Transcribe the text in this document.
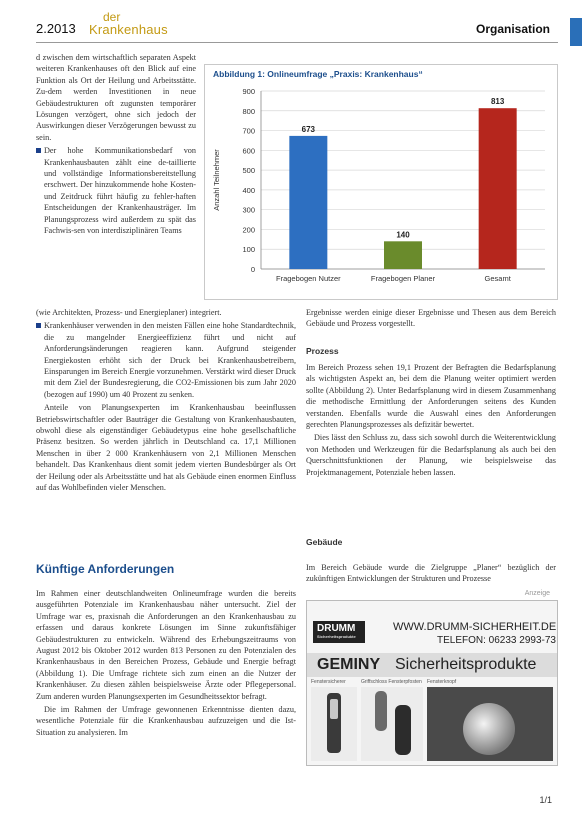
2.2013
der
Krankenhaus	Organisation

d zwischen dem wirtschaftlich separaten Aspekt weiteren Krankenhauses oft den Blick auf eine Funktion als Ort der Heilung und Arbeitsstätte. Zu-dem werden Investitionen in neue Gebäudestrukturen oft zugunsten temporärer Lösungen verzögert, ohne sich jedoch der Auswirkungen dieser Verzögerungen bewusst zu sein.

Der hohe Kommunikationsbedarf von Krankenhausbauten zählt eine de-taillierte und vollständige Informationsbereitstellung erschwert. Der hinzukommende hohe Kosten- und Zeitdruck führt häufig zu fehler-haften Entscheidungen der Krankenhausträger. Im Planungsprozess wird außerdem zu spät das Fachwis-sen von interdisziplinären Teams

Abbildung 1: Onlineumfrage „Praxis: Krankenhaus“
0
100
200
300
400
500
600
700
800
900
Anzahl Teilnehmer
673
Fragebogen Nutzer
140
Fragebogen Planer
813
Gesamt

(wie Architekten, Prozess- und Energieplaner) integriert.

Krankenhäuser verwenden in den meisten Fällen eine hohe Standardtechnik, die zu mangelnder Energieeffizienz führt und nicht auf Anforderungsänderungen reagieren kann. Aufgrund steigender Energiekosten erhöht sich der Druck bei Krankenhausbetreibern, Einsparungen im Bereich Energie vorzunehmen. Verstärkt wird dieser Druck mit dem Ziel der Bundesregierung, die CO2-Emissionen bis zum Jahr 2020 (bezogen auf 1990) um 40 Prozent zu senken.

Anteile von Planungsexperten im Krankenhausbau beeinflussen Betriebswirtschaftler oder Bauträger die Gestaltung von Krankenhausbauten, obwohl diese als eigenständiger Gebäudetypus eine hohe gesellschaftliche Präsenz besitzen. So werden jährlich in Deutschland ca. 17,1 Millionen Menschen in über 2 000 Krankenhäusern von 2,1 Millionen Menschen behandelt. Das Krankenhaus dient somit jedem vierten Bundesbürger als Ort der Heilung oder als Arbeitsstätte und hat als Gebäude einen enormen Einfluss auf das Wohlbefinden vieler Menschen.

Ergebnisse werden einige dieser Ergebnisse und Thesen aus dem Bereich Gebäude und Prozess vorgestellt.

Prozess

Im Bereich Prozess sehen 19,1 Prozent der Befragten die Bedarfsplanung als wichtigsten Aspekt an, bei dem die Planung weiter optimiert werden sollte (Abbildung 2). Unter Bedarfsplanung wird in diesem Zusammenhang die methodische Ermittlung der Anforderungen seitens des Kunden verstanden. Ebenfalls wurde die Auswahl eines den Anforderungen gerechten Planungsprozesses als defizitär bewertet.

Dies lässt den Schluss zu, dass sich sowohl durch die Weiterentwicklung von Methoden und Werkzeugen für die Bedarfsplanung als auch bei den Querschnittsfunktionen der Planung, wie beispielsweise das Projektmanagement, Potenziale heben lassen.

Gebäude

Im Bereich Gebäude wurde die Zielgruppe „Planer“ bezüglich der zukünftigen Entwicklungen der Strukturen und Prozesse

Künftige Anforderungen

Im Rahmen einer deutschlandweiten Onlineumfrage wurden die bereits ausgeführten Potenziale im Krankenhausbau näher untersucht. Ziel der Umfrage war es, praxisnah die Anforderungen an den Krankenhausbau zu erfassen und daraus konkrete Lösungen im Sinne zukunftsfähiger Gebäudestrukturen zu entwickeln. Während des Erhebungszeitraums von August 2012 bis Oktober 2012 wurden 813 Personen zu den Potenzialen des Krankenhausbaus in den Bereichen Prozess, Gebäude und Energie befragt (Abbildung 1). Die Umfrage richtete sich zum einen an die Nutzer der Krankenhäuser. Zu diesen zählen beispielsweise Ärzte oder Pflegepersonal. Zum anderen wurden Planungsexperten im Gesundheitssektor befragt.

Die im Rahmen der Umfrage gewonnenen Erkenntnisse dienten dazu, wesentliche Potenziale für die Krankenhausbau aufzuzeigen und die Ist-Situation zu analysieren. Im

Anzeige
DRUMM
Sicherheitsprodukte
WWW.DRUMM-SICHERHEIT.DE
TELEFON: 06233 2993-73
GEMINY Sicherheitsprodukte
Fenstersicherer	Griffschloss Fensterpfosten Fensterknopf
1/1
